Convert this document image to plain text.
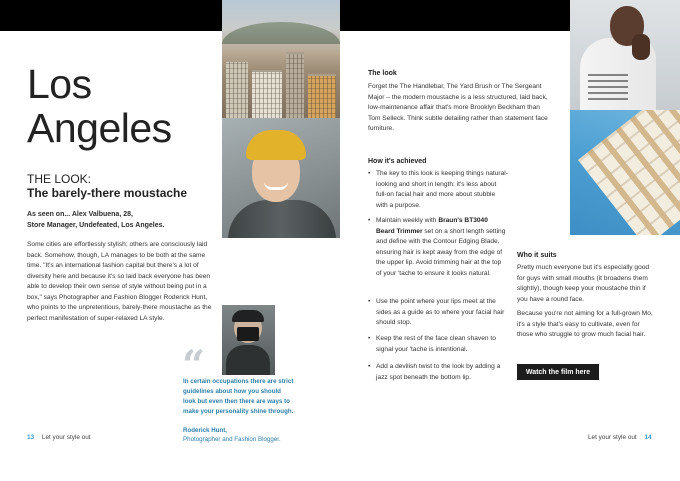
Los
Angeles
THE LOOK:
The barely-there moustache
As seen on... Alex Valbuena, 28,
Store Manager, Undefeated, Los Angeles.
Some cities are effortlessly stylish; others are consciously laid back. Somehow, though, LA manages to be both at the same time. "It's an international fashion capital but there's a lot of diversity here and because it's so laid back everyone has been able to develop their own sense of style without being put in a box," says Photographer and Fashion Blogger Roderick Hunt, who points to the unpretentious, barely-there moustache as the perfect manifestation of super-relaxed LA style.
“
In certain occupations there are strict guidelines about how you should look but even then there are ways to make your personality shine through.
Roderick Hunt,
Photographer and Fashion Blogger.
The look
Forget the The Handlebar, The Yard Brush or The Sergeant Major – the modern moustache is a less structured, laid back, low-maintenance affair that's more Brooklyn Beckham than Tom Selleck. Think subtle detailing rather than statement face furniture.
How it's achieved
• The key to this look is keeping things natural-looking and short in length: it's less about full-on facial hair and more about stubble with a purpose.
• Maintain weekly with Braun's BT3040 Beard Trimmer set on a short length setting and define with the Contour Edging Blade, ensuring hair is kept away from the edge of the upper lip. Avoid trimming hair at the top of your 'tache to ensure it looks natural.
• Use the point where your lips meet at the sides as a guide as to where your facial hair should stop.
• Keep the rest of the face clean shaven to signal your 'tache is intentional.
• Add a devilish twist to the look by adding a jazz spot beneath the bottom lip.
Who it suits
Pretty much everyone but it's especially good for guys with small mouths (it broadens them slightly), though keep your moustache thin if you have a round face.
Because you're not aiming for a full-grown Mo, it's a style that's easy to cultivate, even for those who struggle to grow much facial hair.
Watch the film here
13 Let your style out	Let your style out 14
